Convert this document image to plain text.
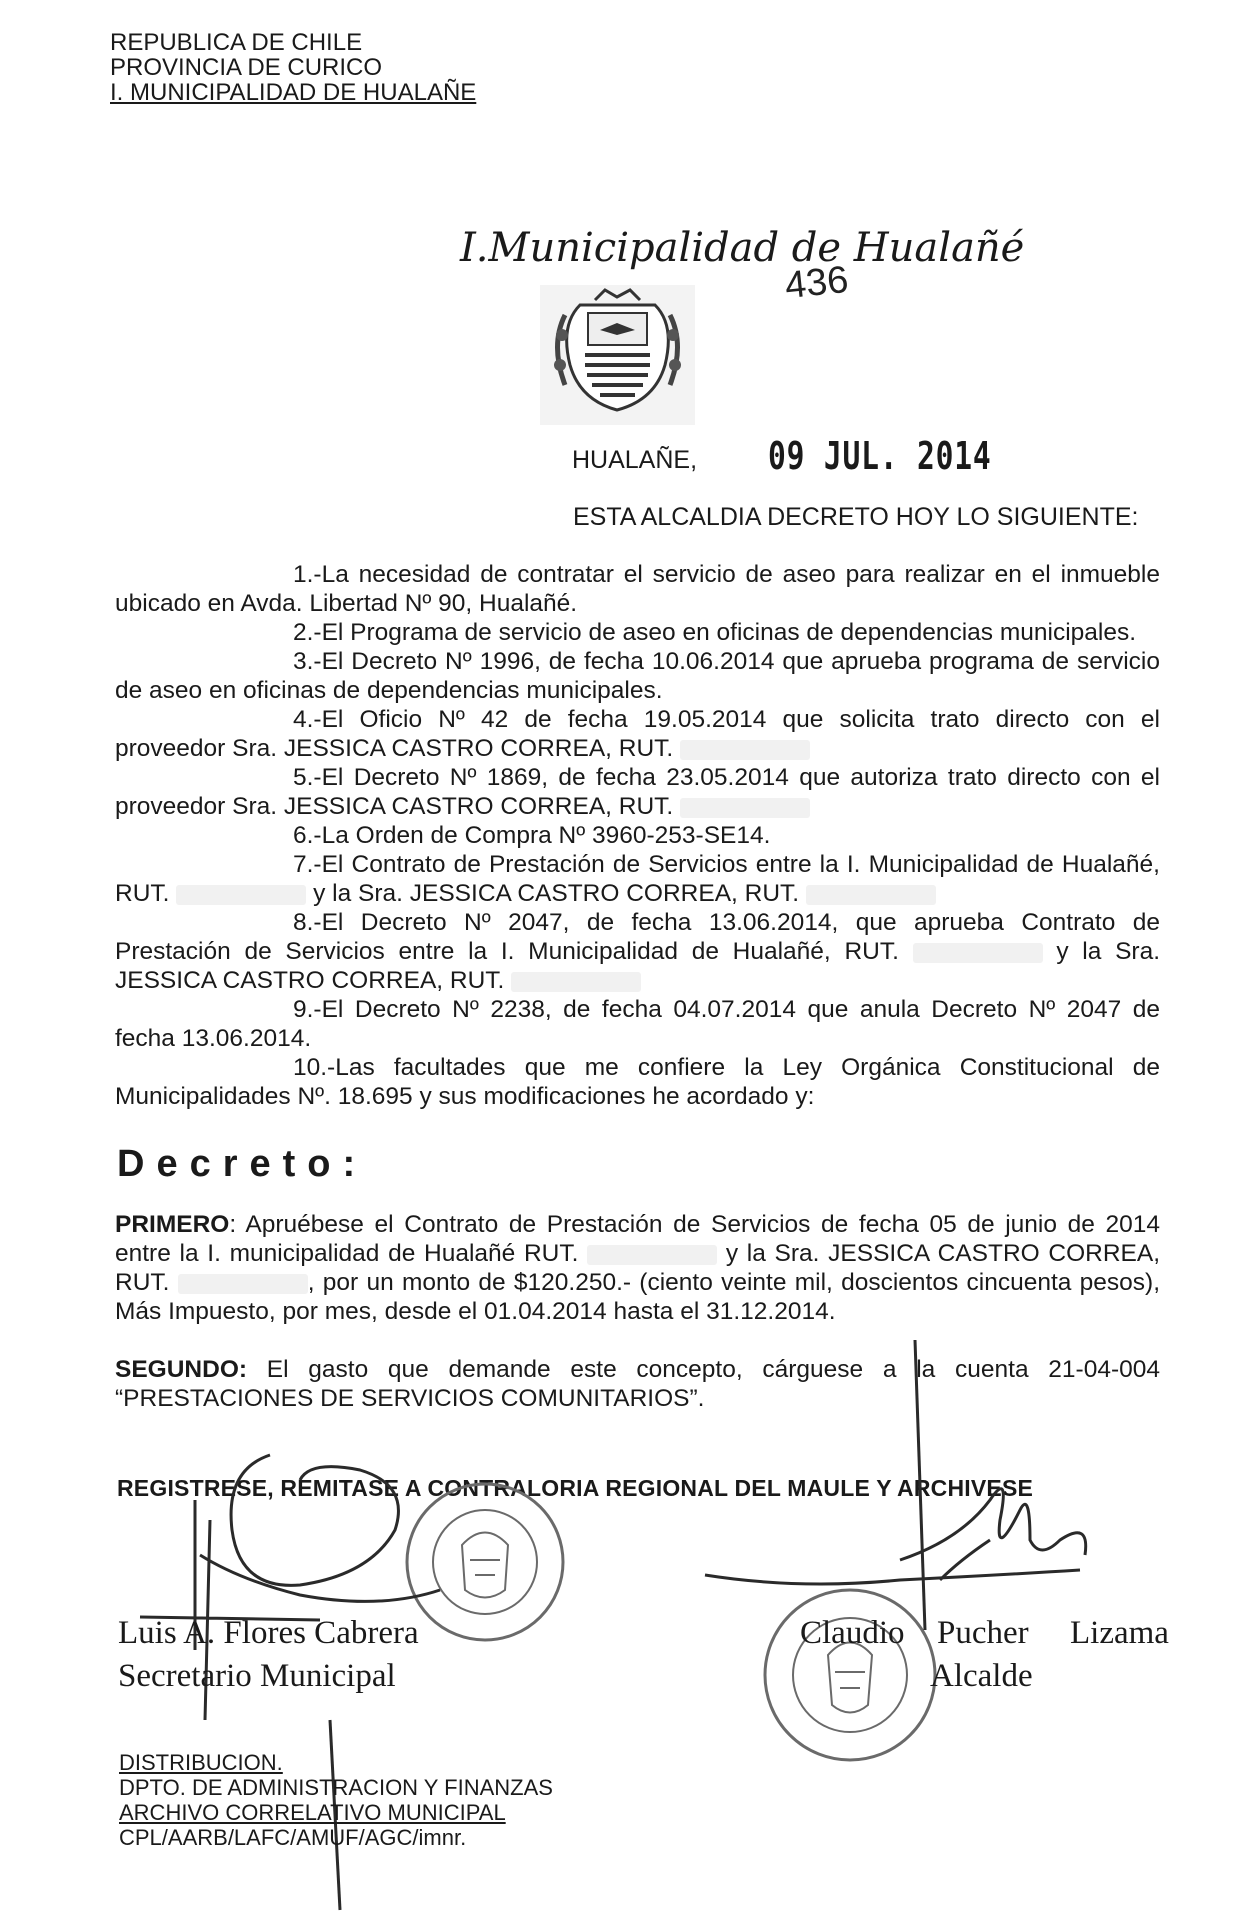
REPUBLICA DE CHILE
PROVINCIA DE CURICO
I. MUNICIPALIDAD DE HUALAÑE
I.Municipalidad de Hualañé
436
HUALAÑE, 09 JUL. 2014
ESTA ALCALDIA DECRETO HOY LO SIGUIENTE:

1.-La necesidad de contratar el servicio de aseo para realizar en el inmueble ubicado en Avda. Libertad Nº 90, Hualañé.

2.-El Programa de servicio de aseo en oficinas de dependencias municipales.

3.-El Decreto Nº 1996, de fecha 10.06.2014 que aprueba programa de servicio de aseo en oficinas de dependencias municipales.

4.-El Oficio Nº 42 de fecha 19.05.2014 que solicita trato directo con el proveedor Sra. JESSICA CASTRO CORREA, RUT.

5.-El Decreto Nº 1869, de fecha 23.05.2014 que autoriza trato directo con el proveedor Sra. JESSICA CASTRO CORREA, RUT.

6.-La Orden de Compra Nº 3960-253-SE14.

7.-El Contrato de Prestación de Servicios entre la I. Municipalidad de Hualañé, RUT.	y la Sra. JESSICA CASTRO CORREA, RUT.

8.-El Decreto Nº 2047, de fecha 13.06.2014, que aprueba Contrato de Prestación de Servicios entre la I. Municipalidad de Hualañé, RUT.	y la Sra. JESSICA CASTRO CORREA, RUT.

9.-El Decreto Nº 2238, de fecha 04.07.2014 que anula Decreto Nº 2047 de fecha 13.06.2014.

10.-Las facultades que me confiere la Ley Orgánica Constitucional de Municipalidades Nº. 18.695 y sus modificaciones he acordado y:

Decreto:
PRIMERO: Apruébese el Contrato de Prestación de Servicios de fecha 05 de junio de 2014 entre la I. municipalidad de Hualañé RUT.	y la Sra. JESSICA CASTRO CORREA, RUT.	, por un monto de $120.250.- (ciento veinte mil, doscientos cincuenta pesos), Más Impuesto, por mes, desde el 01.04.2014 hasta el 31.12.2014.
SEGUNDO: El gasto que demande este concepto, cárguese a la cuenta 21-04-004 “PRESTACIONES DE SERVICIOS COMUNITARIOS”.
REGISTRESE, REMITASE A CONTRALORIA REGIONAL DEL MAULE Y ARCHIVESE
Luis A. Flores Cabrera
Secretario Municipal
Claudio Pucher Lizama
Alcalde
DISTRIBUCION.
DPTO. DE ADMINISTRACION Y FINANZAS
ARCHIVO CORRELATIVO MUNICIPAL
CPL/AARB/LAFC/AMUF/AGC/imnr.
